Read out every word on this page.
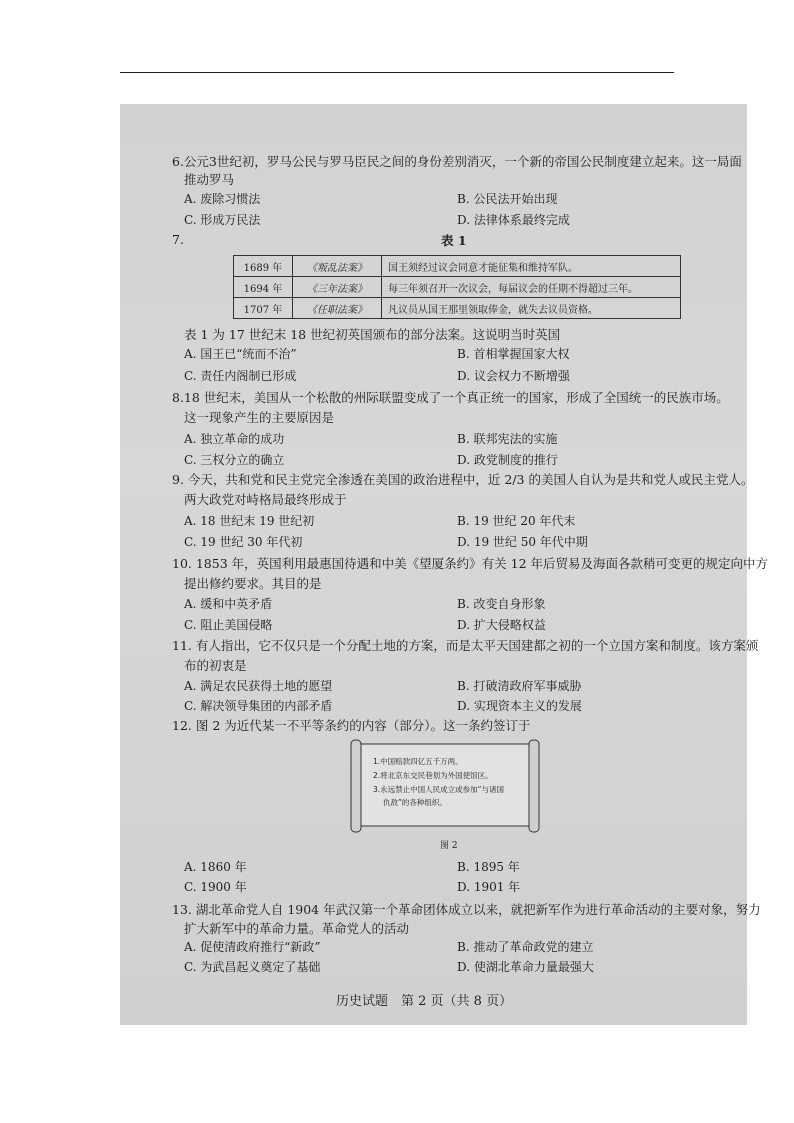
6.公元3世纪初，罗马公民与罗马臣民之间的身份差别消灭，一个新的帝国公民制度建立起来。这一局面
推动罗马
A. 废除习惯法	B. 公民法开始出现
C. 形成万民法	D. 法律体系最终完成
7.	表 1
1689 年	《叛乱法案》	国王须经过议会同意才能征集和维持军队。
1694 年	《三年法案》	每三年须召开一次议会，每届议会的任期不得超过三年。
1707 年	《任职法案》	凡议员从国王那里领取俸金，就失去议员资格。
表 1 为 17 世纪末 18 世纪初英国颁布的部分法案。这说明当时英国
A. 国王已“统而不治”	B. 首相掌握国家大权
C. 责任内阁制已形成	D. 议会权力不断增强
8.18 世纪末，美国从一个松散的州际联盟变成了一个真正统一的国家，形成了全国统一的民族市场。
这一现象产生的主要原因是
A. 独立革命的成功	B. 联邦宪法的实施
C. 三权分立的确立	D. 政党制度的推行
9. 今天，共和党和民主党完全渗透在美国的政治进程中，近 2/3 的美国人自认为是共和党人或民主党人。
两大政党对峙格局最终形成于
A. 18 世纪末 19 世纪初	B. 19 世纪 20 年代末
C. 19 世纪 30 年代初	D. 19 世纪 50 年代中期
10. 1853 年，英国利用最惠国待遇和中美《望厦条约》有关 12 年后贸易及海面各款稍可变更的规定向中方
提出修约要求。其目的是
A. 缓和中英矛盾	B. 改变自身形象
C. 阻止美国侵略	D. 扩大侵略权益
11. 有人指出，它不仅只是一个分配土地的方案，而是太平天国建都之初的一个立国方案和制度。该方案颁
布的初衷是
A. 满足农民获得土地的愿望	B. 打破清政府军事威胁
C. 解决领导集团的内部矛盾	D. 实现资本主义的发展
12. 图 2 为近代某一不平等条约的内容（部分）。这一条约签订于
1.中国赔款四亿五千万两。
2.将北京东交民巷划为外国使馆区。
3.永远禁止中国人民成立或参加“与诸国
仇敌”的各种组织。
图 2
A. 1860 年	B. 1895 年
C. 1900 年	D. 1901 年
13. 湖北革命党人自 1904 年武汉第一个革命团体成立以来，就把新军作为进行革命活动的主要对象，努力
扩大新军中的革命力量。革命党人的活动
A. 促使清政府推行“新政”	B. 推动了革命政党的建立
C. 为武昌起义奠定了基础	D. 使湖北革命力量最强大
历史试题　第 2 页（共 8 页）
